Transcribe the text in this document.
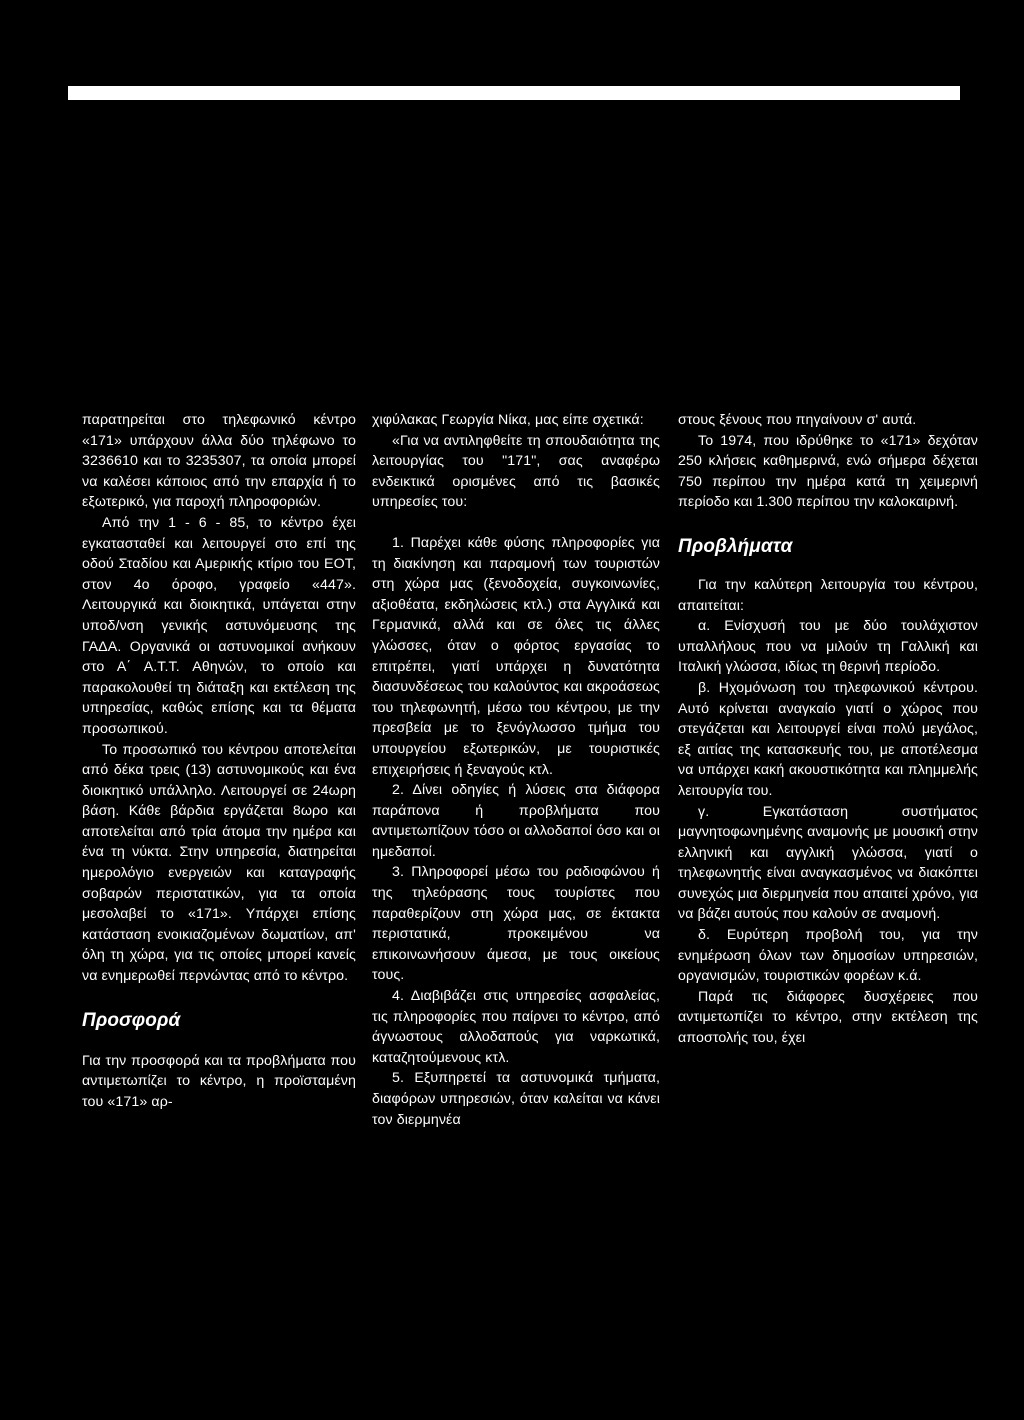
παρατηρείται στο τηλεφωνικό κέντρο «171» υπάρχουν άλλα δύο τηλέφωνο το 3236610 και το 3235307, τα οποία μπορεί να καλέσει κάποιος από την επαρχία ή το εξωτερικό, για παροχή πληροφοριών.

Από την 1 - 6 - 85, το κέντρο έχει εγκατασταθεί και λειτουργεί στο επί της οδού Σταδίου και Αμερικής κτίριο του ΕΟΤ, στον 4ο όροφο, γραφείο «447». Λειτουργικά και διοικητικά, υπάγεται στην υποδ/νση γενικής αστυνόμευσης της ΓΑΔΑ. Οργανικά οι αστυνομικοί ανήκουν στο Α΄ Α.Τ.Τ. Αθηνών, το οποίο και παρακολουθεί τη διάταξη και εκτέλεση της υπηρεσίας, καθώς επίσης και τα θέματα προσωπικού.

Το προσωπικό του κέντρου αποτελείται από δέκα τρεις (13) αστυνομικούς και ένα διοικητικό υπάλληλο. Λειτουργεί σε 24ωρη βάση. Κάθε βάρδια εργάζεται 8ωρο και αποτελείται από τρία άτομα την ημέρα και ένα τη νύκτα. Στην υπηρεσία, διατηρείται ημερολόγιο ενεργειών και καταγραφής σοβαρών περιστατικών, για τα οποία μεσολαβεί το «171». Υπάρχει επίσης κατάσταση ενοικιαζομένων δωματίων, απ' όλη τη χώρα, για τις οποίες μπορεί κανείς να ενημερωθεί περνώντας από το κέντρο.

Προσφορά

Για την προσφορά και τα προβλήματα που αντιμετωπίζει το κέντρο, η προϊσταμένη του «171» αρ-

χιφύλακας Γεωργία Νίκα, μας είπε σχετικά:

«Για να αντιληφθείτε τη σπουδαιότητα της λειτουργίας του "171", σας αναφέρω ενδεικτικά ορισμένες από τις βασικές υπηρεσίες του:

1. Παρέχει κάθε φύσης πληροφορίες για τη διακίνηση και παραμονή των τουριστών στη χώρα μας (ξενοδοχεία, συγκοινωνίες, αξιοθέατα, εκδηλώσεις κτλ.) στα Αγγλικά και Γερμανικά, αλλά και σε όλες τις άλλες γλώσσες, όταν ο φόρτος εργασίας το επιτρέπει, γιατί υπάρχει η δυνατότητα διασυνδέσεως του καλούντος και ακροάσεως του τηλεφωνητή, μέσω του κέντρου, με την πρεσβεία με το ξενόγλωσσο τμήμα του υπουργείου εξωτερικών, με τουριστικές επιχειρήσεις ή ξεναγούς κτλ.

2. Δίνει οδηγίες ή λύσεις στα διάφορα παράπονα ή προβλήματα που αντιμετωπίζουν τόσο οι αλλοδαποί όσο και οι ημεδαποί.

3. Πληροφορεί μέσω του ραδιοφώνου ή της τηλεόρασης τους τουρίστες που παραθερίζουν στη χώρα μας, σε έκτακτα περιστατικά, προκειμένου να επικοινωνήσουν άμεσα, με τους οικείους τους.

4. Διαβιβάζει στις υπηρεσίες ασφαλείας, τις πληροφορίες που παίρνει το κέντρο, από άγνωστους αλλοδαπούς για ναρκωτικά, καταζητούμενους κτλ.

5. Εξυπηρετεί τα αστυνομικά τμήματα, διαφόρων υπηρεσιών, όταν καλείται να κάνει τον διερμηνέα

στους ξένους που πηγαίνουν σ' αυτά.

Το 1974, που ιδρύθηκε το «171» δεχόταν 250 κλήσεις καθημερινά, ενώ σήμερα δέχεται 750 περίπου την ημέρα κατά τη χειμερινή περίοδο και 1.300 περίπου την καλοκαιρινή.

Προβλήματα

Για την καλύτερη λειτουργία του κέντρου, απαιτείται:

α. Ενίσχυσή του με δύο τουλάχιστον υπαλλήλους που να μιλούν τη Γαλλική και Ιταλική γλώσσα, ιδίως τη θερινή περίοδο.

β. Ηχομόνωση του τηλεφωνικού κέντρου. Αυτό κρίνεται αναγκαίο γιατί ο χώρος που στεγάζεται και λειτουργεί είναι πολύ μεγάλος, εξ αιτίας της κατασκευής του, με αποτέλεσμα να υπάρχει κακή ακουστικότητα και πλημμελής λειτουργία του.

γ. Εγκατάσταση συστήματος μαγνητοφωνημένης αναμονής με μουσική στην ελληνική και αγγλική γλώσσα, γιατί ο τηλεφωνητής είναι αναγκασμένος να διακόπτει συνεχώς μια διερμηνεία που απαιτεί χρόνο, για να βάζει αυτούς που καλούν σε αναμονή.

δ. Ευρύτερη προβολή του, για την ενημέρωση όλων των δημοσίων υπηρεσιών, οργανισμών, τουριστικών φορέων κ.ά.

Παρά τις διάφορες δυσχέρειες που αντιμετωπίζει το κέντρο, στην εκτέλεση της αποστολής του, έχει
